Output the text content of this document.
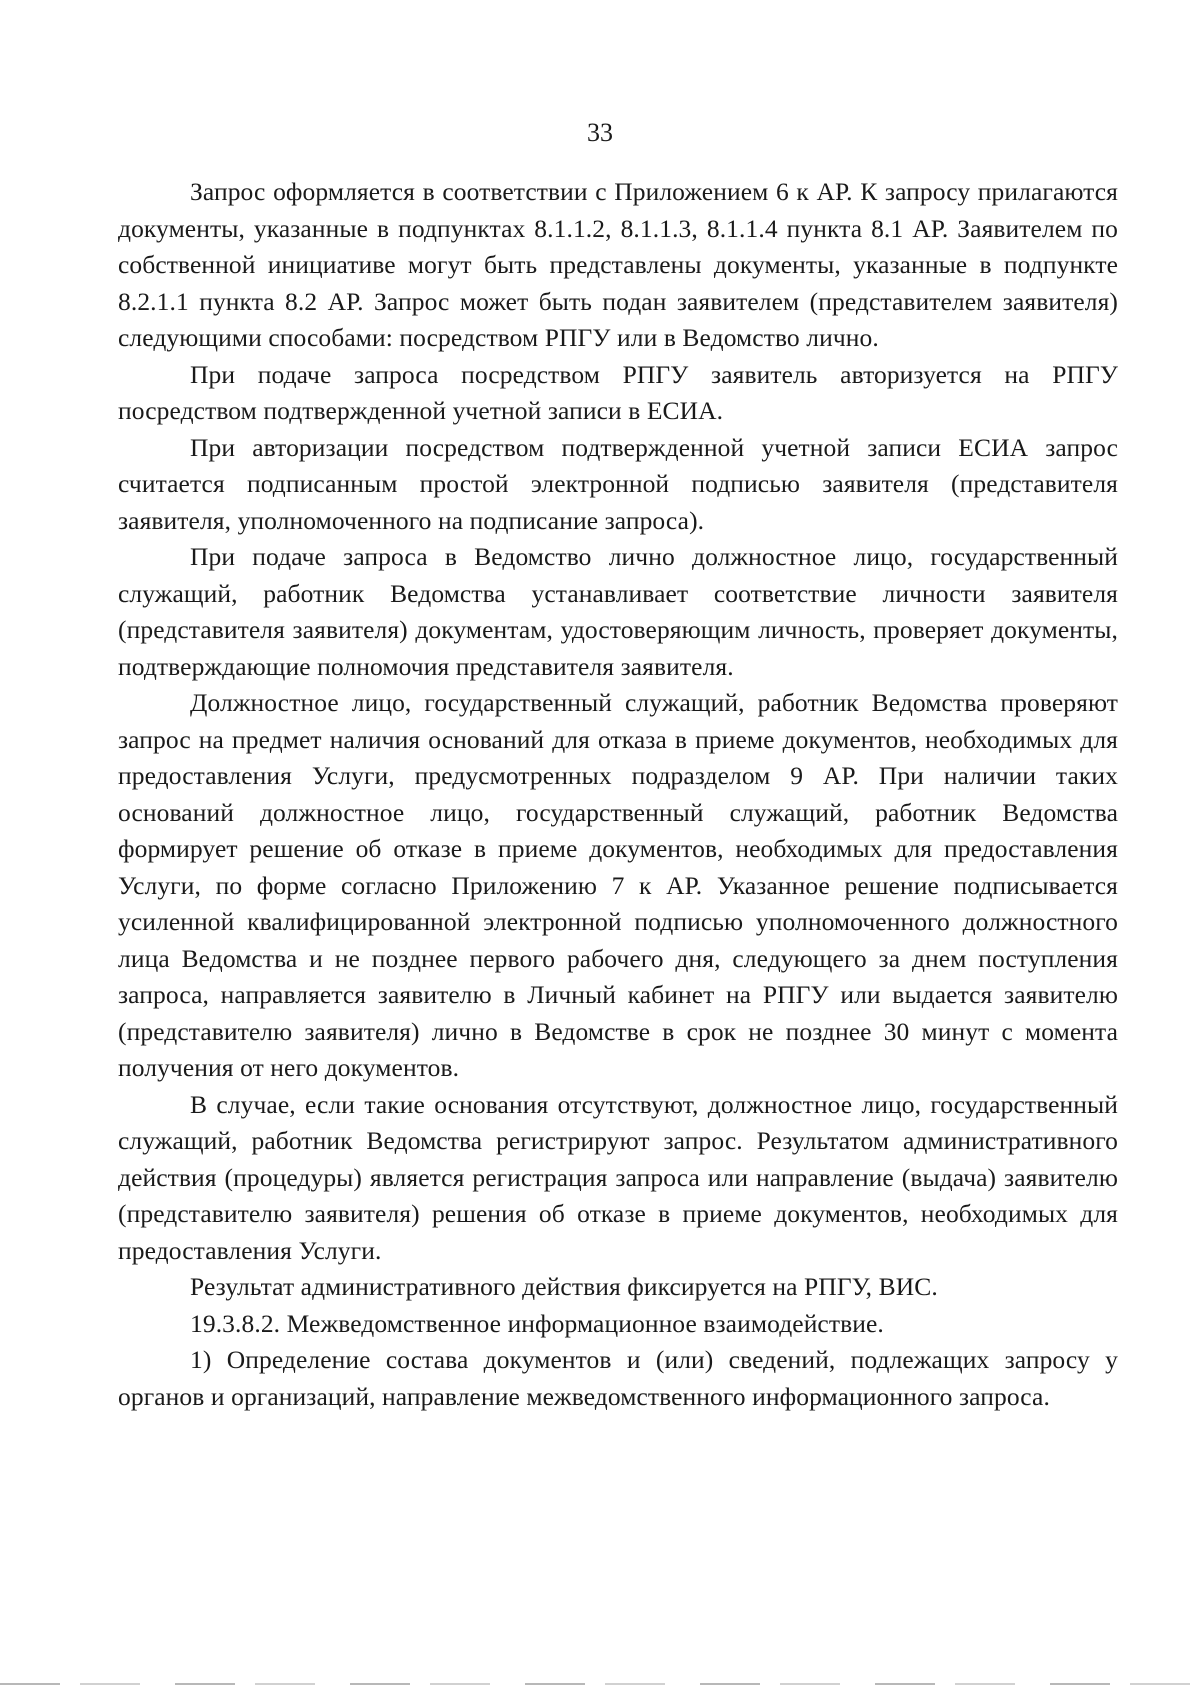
33

Запрос оформляется в соответствии с Приложением 6 к АР. К запросу прилагаются документы, указанные в подпунктах 8.1.1.2, 8.1.1.3, 8.1.1.4 пункта 8.1 АР. Заявителем по собственной инициативе могут быть представлены документы, указанные в подпункте 8.2.1.1 пункта 8.2 АР. Запрос может быть подан заявителем (представителем заявителя) следующими способами: посредством РПГУ или в Ведомство лично.

При подаче запроса посредством РПГУ заявитель авторизуется на РПГУ посредством подтвержденной учетной записи в ЕСИА.

При авторизации посредством подтвержденной учетной записи ЕСИА запрос считается подписанным простой электронной подписью заявителя (представителя заявителя, уполномоченного на подписание запроса).

При подаче запроса в Ведомство лично должностное лицо, государственный служащий, работник Ведомства устанавливает соответствие личности заявителя (представителя заявителя) документам, удостоверяющим личность, проверяет документы, подтверждающие полномочия представителя заявителя.

Должностное лицо, государственный служащий, работник Ведомства проверяют запрос на предмет наличия оснований для отказа в приеме документов, необходимых для предоставления Услуги, предусмотренных подразделом 9 АР. При наличии таких оснований должностное лицо, государственный служащий, работник Ведомства формирует решение об отказе в приеме документов, необходимых для предоставления Услуги, по форме согласно Приложению 7 к АР. Указанное решение подписывается усиленной квалифицированной электронной подписью уполномоченного должностного лица Ведомства и не позднее первого рабочего дня, следующего за днем поступления запроса, направляется заявителю в Личный кабинет на РПГУ или выдается заявителю (представителю заявителя) лично в Ведомстве в срок не позднее 30 минут с момента получения от него документов.

В случае, если такие основания отсутствуют, должностное лицо, государственный служащий, работник Ведомства регистрируют запрос. Результатом административного действия (процедуры) является регистрация запроса или направление (выдача) заявителю (представителю заявителя) решения об отказе в приеме документов, необходимых для предоставления Услуги.

Результат административного действия фиксируется на РПГУ, ВИС.

19.3.8.2. Межведомственное информационное взаимодействие.

1) Определение состава документов и (или) сведений, подлежащих запросу у органов и организаций, направление межведомственного информационного запроса.
